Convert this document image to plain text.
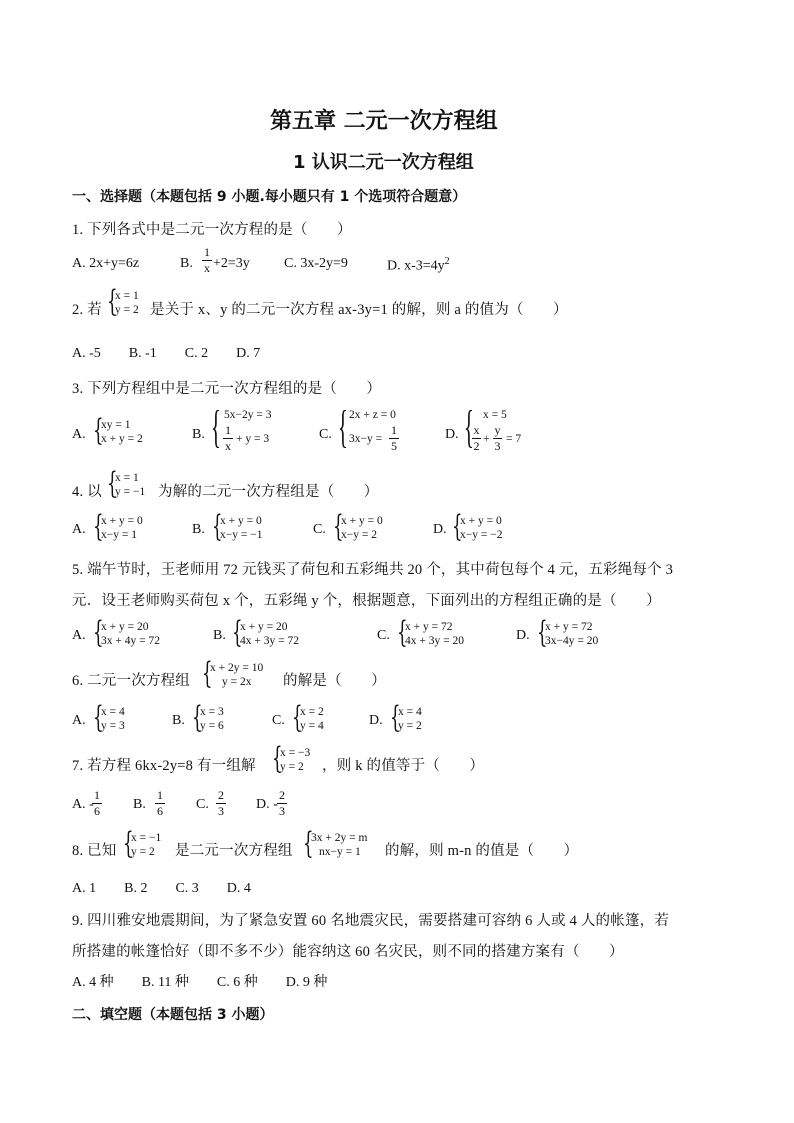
第五章 二元一次方程组
1 认识二元一次方程组
一、选择题（本题包括 9 小题.每小题只有 1 个选项符合题意）
1. 下列各式中是二元一次方程的是（　　）
A. 2x+y=6z	B.
1
x +2=3y C. 3x-2y=9	D. $x-3=4y^2$
2. 若 {
x = 1
y = 2 是关于 x、y 的二元一次方程 ax-3y=1 的解，则 a 的值为（　　）
A. -5　　B. -1　　C. 2　　D. 7
3. 下列方程组中是二元一次方程组的是（　　）
A. {
xy = 1
x + y = 2	B. { 5x−2y = 3
1
x + y = 3	C. { 2x + z = 0
3x−y =
1
5
D. { x = 5
x
2 +
y
3 = 7
4. 以 {
x = 1
y = −1 为解的二元一次方程组是（　　）
A. {
x + y = 0
x−y = 1	B. {
x + y = 0
x−y = −1	C. {
x + y = 0
x−y = 2	D. {
x + y = 0
x−y = −2
5. 端午节时，王老师用 72 元钱买了荷包和五彩绳共 20 个，其中荷包每个 4 元，五彩绳每个 3
元．设王老师购买荷包 x 个，五彩绳 y 个，根据题意，下面列出的方程组正确的是（　　）
A. {
x + y = 20
3x + 4y = 72	B. {
x + y = 20
4x + 3y = 72	C. {
x + y = 72
4x + 3y = 20	D. {
x + y = 72
3x−4y = 20
6. 二元一次方程组 {
x + 2y = 10
y = 2x 的解是（　　）
A. {
x = 4
y = 3	B. {
x = 3
y = 6	C. {
x = 2
y = 4	D. {
x = 4
y = 2
7. 若方程 6kx-2y=8 有一组解 {
x = −3
y = 2 ，则 k 的值等于（　　）
A. -
1
6 B.
1
6 C.
2
3 D. -
2
3
8. 已知 {
x = −1
y = 2 是二元一次方程组 {
3x + 2y = m
nx−y = 1 的解，则 m-n 的值是（　　）
A. 1　　B. 2　　C. 3　　D. 4
9. 四川雅安地震期间，为了紧急安置 60 名地震灾民，需要搭建可容纳 6 人或 4 人的帐篷，若
所搭建的帐篷恰好（即不多不少）能容纳这 60 名灾民，则不同的搭建方案有（　　）
A. 4 种　　B. 11 种　　C. 6 种　　D. 9 种
二、填空题（本题包括 3 小题）
